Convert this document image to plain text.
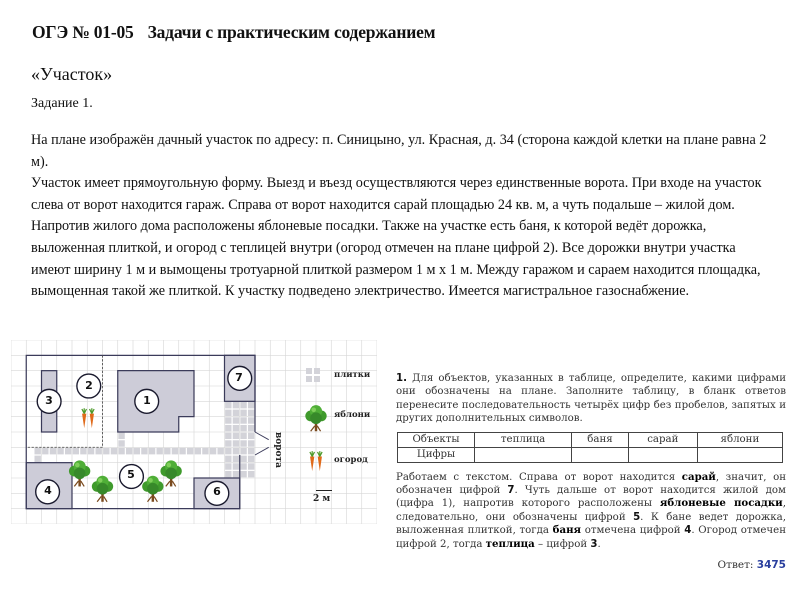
ОГЭ № 01-05 Задачи с практическим содержанием
«Участок»
Задание 1.

На плане изображён дачный участок по адресу: п. Синицыно, ул. Красная, д. 34 (сторона каждой клетки на плане равна 2 м).

Участок имеет прямоугольную форму. Выезд и въезд осуществляются через единственные ворота. При входе на участок слева от ворот находится гараж. Справа от ворот находится сарай площадью 24 кв. м, а чуть подальше – жилой дом. Напротив жилого дома расположены яблоневые посадки. Также на участке есть баня, к которой ведёт дорожка, выложенная плиткой, и огород с теплицей внутри (огород отмечен на плане цифрой 2). Все дорожки внутри участка имеют ширину 1 м и вымощены тротуарной плиткой размером 1 м х 1 м. Между гаражом и сараем находится площадка, вымощенная такой же плиткой. К участку подведено электричество. Имеется магистральное газоснабжение.

1
2
3
4
5
6
7
ворота
плитки
яблони
огород
2 м

1. Для объектов, указанных в таблице, определите, какими цифрами они обозначены на плане. Заполните таблицу, в бланк ответов перенесите последовательность четырёх цифр без пробелов, запятых и других дополнительных символов.

Объекты	теплица	баня	сарай	яблони
Цифры				

Работаем с текстом. Справа от ворот находится сарай, значит, он обозначен цифрой 7. Чуть дальше от ворот находится жилой дом (цифра 1), напротив которого расположены яблоневые посадки, следовательно, они обозначены цифрой 5. К бане ведет дорожка, выложенная плиткой, тогда баня отмечена цифрой 4. Огород отмечен цифрой 2, тогда теплица – цифрой 3.

Ответ: 3475
